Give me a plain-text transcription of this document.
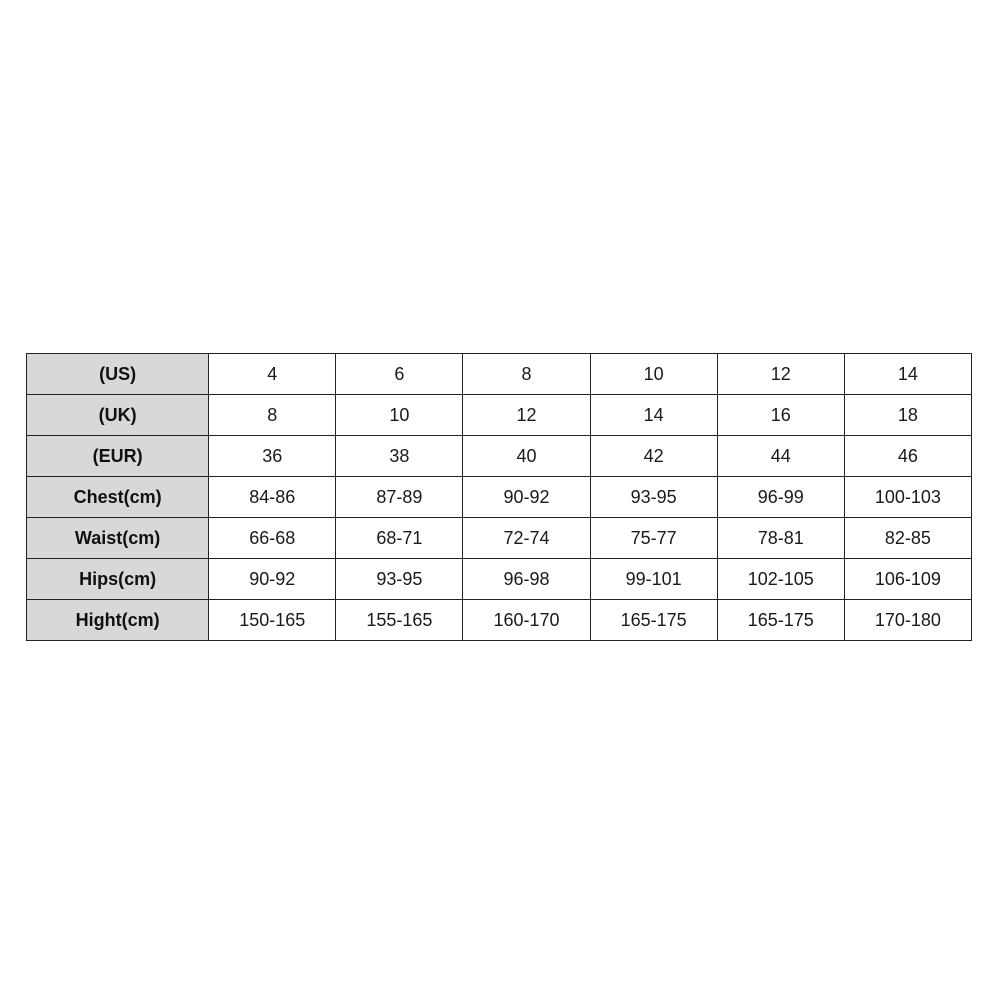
(US)	4	6	8	10	12	14
(UK)	8	10	12	14	16	18
(EUR)	36	38	40	42	44	46
Chest(cm)	84-86	87-89	90-92	93-95	96-99	100-103
Waist(cm)	66-68	68-71	72-74	75-77	78-81	82-85
Hips(cm)	90-92	93-95	96-98	99-101	102-105	106-109
Hight(cm)	150-165	155-165	160-170	165-175	165-175	170-180
